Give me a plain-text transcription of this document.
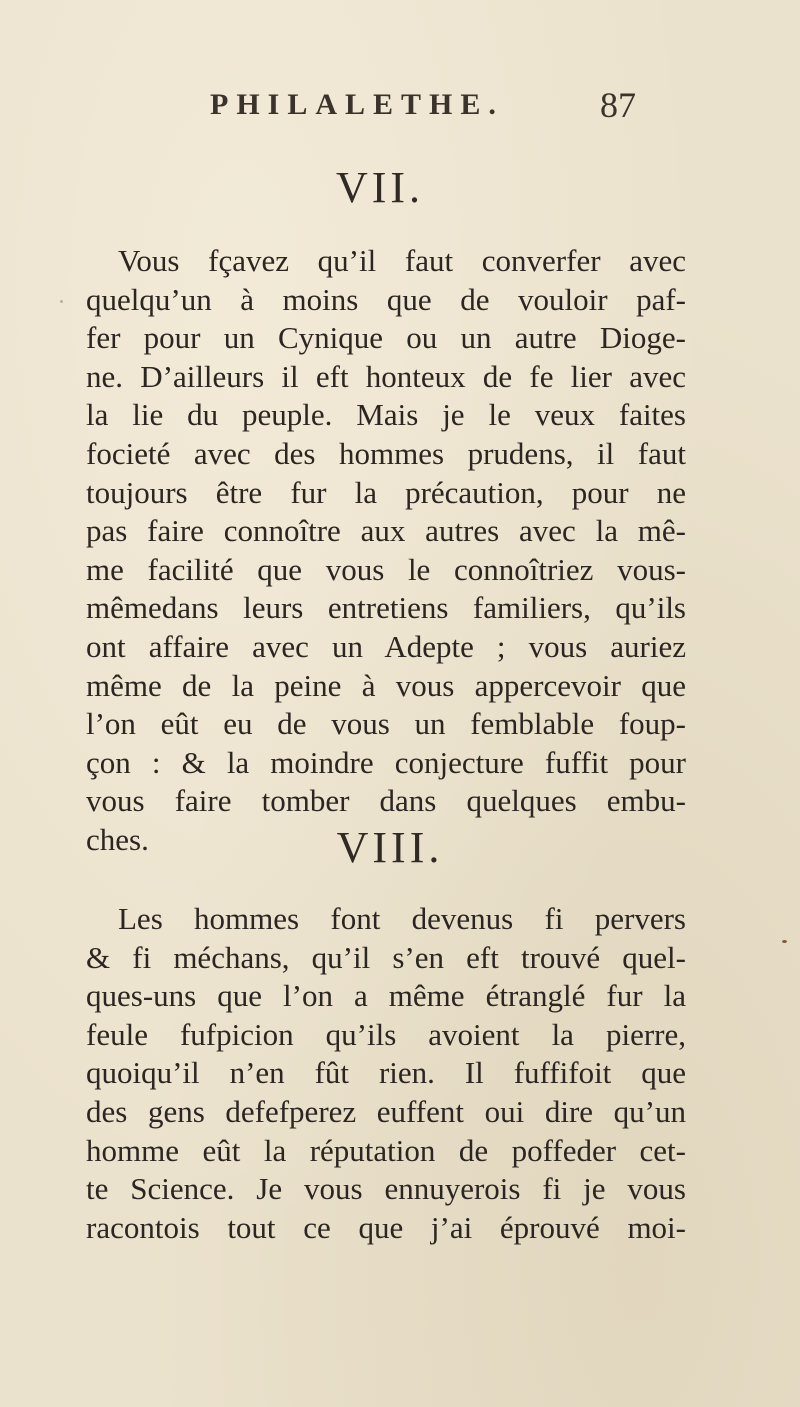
PHILALETHE.	87
VII.
Vous fçavez qu’il faut converfer avec
quelqu’un à moins que de vouloir paf-
fer pour un Cynique ou un autre Dioge-
ne. D’ailleurs il eft honteux de fe lier avec
la lie du peuple. Mais je le veux faites
focieté avec des hommes prudens, il faut
toujours être fur la précaution, pour ne
pas faire connoître aux autres avec la mê-
me facilité que vous le connoîtriez vous-
mêmedans leurs entretiens familiers, qu’ils
ont affaire avec un Adepte ; vous auriez
même de la peine à vous appercevoir que
l’on eût eu de vous un femblable foup-
çon : & la moindre conjecture fuffit pour
vous faire tomber dans quelques embu-
ches.	VIII.
Les hommes font devenus fi pervers
& fi méchans, qu’il s’en eft trouvé quel-
ques-uns que l’on a même étranglé fur la
feule fufpicion qu’ils avoient la pierre,
quoiqu’il n’en fût rien. Il fuffifoit que
des gens defefperez euffent oui dire qu’un
homme eût la réputation de poffeder cet-
te Science. Je vous ennuyerois fi je vous
racontois tout ce que j’ai éprouvé moi-
